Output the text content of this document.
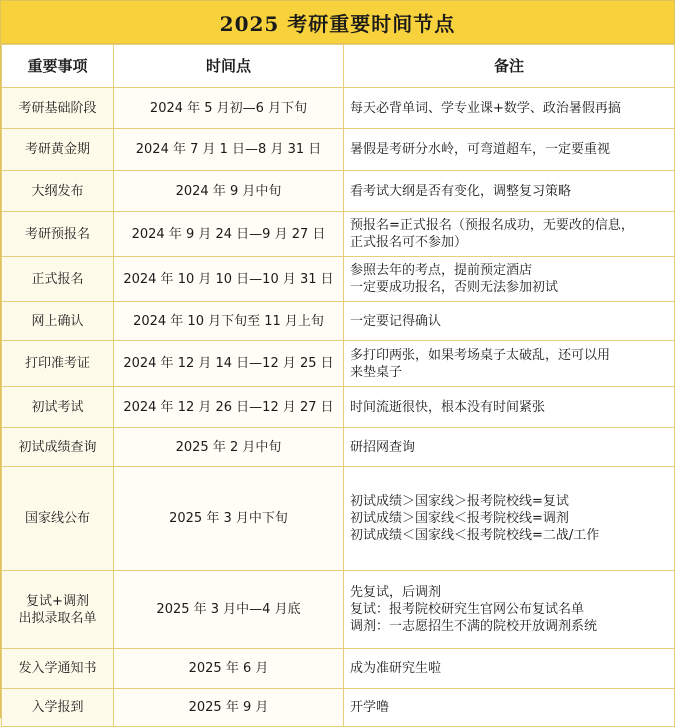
2025 考研重要时间节点
重要事项	时间点	备注

考研基础阶段	2024 年 5 月初—6 月下旬	每天必背单词、学专业课+数学、政治暑假再搞

考研黄金期	2024 年 7 月 1 日—8 月 31 日	暑假是考研分水岭，可弯道超车，一定要重视

大纲发布	2024 年 9 月中旬	看考试大纲是否有变化，调整复习策略

考研预报名	2024 年 9 月 24 日—9 月 27 日	预报名=正式报名（预报名成功，无要改的信息，
正式报名可不参加）

正式报名	2024 年 10 月 10 日—10 月 31 日	参照去年的考点，提前预定酒店
一定要成功报名，否则无法参加初试

网上确认	2024 年 10 月下旬至 11 月上旬	一定要记得确认

打印准考证	2024 年 12 月 14 日—12 月 25 日	多打印两张，如果考场桌子太破乱，还可以用
来垫桌子

初试考试	2024 年 12 月 26 日—12 月 27 日	时间流逝很快，根本没有时间紧张

初试成绩查询	2025 年 2 月中旬	研招网查询

国家线公布	2025 年 3 月中下旬	初试成绩＞国家线＞报考院校线=复试
初试成绩＞国家线＜报考院校线=调剂
初试成绩＜国家线＜报考院校线=二战/工作

复试+调剂
出拟录取名单	2025 年 3 月中—4 月底	先复试，后调剂
复试：报考院校研究生官网公布复试名单
调剂：一志愿招生不满的院校开放调剂系统

发入学通知书	2025 年 6 月	成为准研究生啦

入学报到	2025 年 9 月	开学噜
